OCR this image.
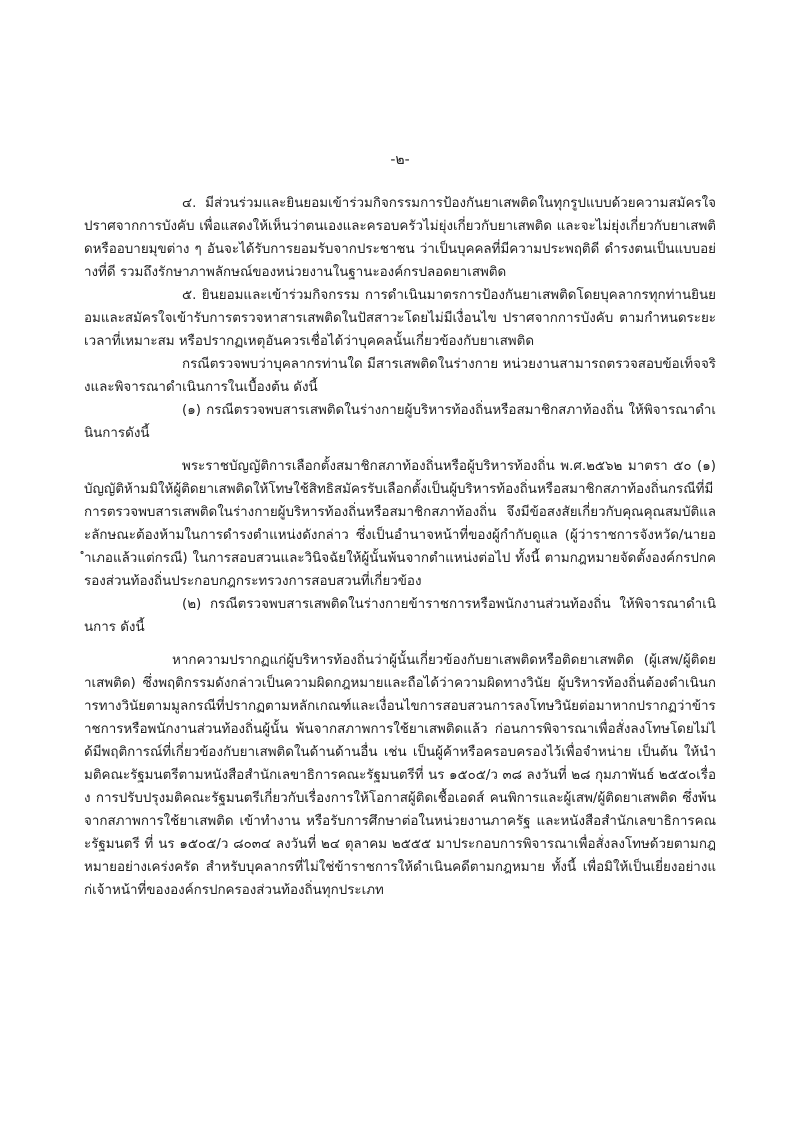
-๒-

๔. มีส่วนร่วมและยินยอมเข้าร่วมกิจกรรมการป้องกันยาเสพติดในทุกรูปแบบด้วยความสมัครใจ ปราศจากการบังคับ เพื่อแสดงให้เห็นว่าตนเองและครอบครัวไม่ยุ่งเกี่ยวกับยาเสพติด และจะไม่ยุ่งเกี่ยวกับยาเสพติดหรืออบายมุขต่าง ๆ อันจะได้รับการยอมรับจากประชาชน ว่าเป็นบุคคลที่มีความประพฤติดี ดำรงตนเป็นแบบอย่างที่ดี รวมถึงรักษาภาพลักษณ์ของหน่วยงานในฐานะองค์กรปลอดยาเสพติด

๕. ยินยอมและเข้าร่วมกิจกรรม การดำเนินมาตรการป้องกันยาเสพติดโดยบุคลากรทุกท่านยินยอมและสมัครใจเข้ารับการตรวจหาสารเสพติดในปัสสาวะโดยไม่มีเงื่อนไข ปราศจากการบังคับ ตามกำหนดระยะเวลาที่เหมาะสม หรือปรากฏเหตุอันควรเชื่อได้ว่าบุคคลนั้นเกี่ยวข้องกับยาเสพติด

กรณีตรวจพบว่าบุคลากรท่านใด มีสารเสพติดในร่างกาย หน่วยงานสามารถตรวจสอบข้อเท็จจริงและพิจารณาดำเนินการในเบื้องต้น ดังนี้

(๑) กรณีตรวจพบสารเสพติดในร่างกายผู้บริหารท้องถิ่นหรือสมาชิกสภาท้องถิ่น ให้พิจารณาดำเนินการดังนี้

พระราชบัญญัติการเลือกตั้งสมาชิกสภาท้องถิ่นหรือผู้บริหารท้องถิ่น พ.ศ.๒๕๖๒ มาตรา ๕๐ (๑) บัญญัติห้ามมิให้ผู้ติดยาเสพติดให้โทษใช้สิทธิสมัครรับเลือกตั้งเป็นผู้บริหารท้องถิ่นหรือสมาชิกสภาท้องถิ่นกรณีที่มีการตรวจพบสารเสพติดในร่างกายผู้บริหารท้องถิ่นหรือสมาชิกสภาท้องถิ่น จึงมีข้อสงสัยเกี่ยวกับคุณคุณสมบัติและลักษณะต้องห้ามในการดำรงตำแหน่งดังกล่าว ซึ่งเป็นอำนาจหน้าที่ของผู้กำกับดูแล (ผู้ว่าราชการจังหวัด/นายอำเภอแล้วแต่กรณี) ในการสอบสวนและวินิจฉัยให้ผู้นั้นพ้นจากตำแหน่งต่อไป ทั้งนี้ ตามกฎหมายจัดตั้งองค์กรปกครองส่วนท้องถิ่นประกอบกฎกระทรวงการสอบสวนที่เกี่ยวข้อง

(๒) กรณีตรวจพบสารเสพติดในร่างกายข้าราชการหรือพนักงานส่วนท้องถิ่น ให้พิจารณาดำเนินการ ดังนี้

หากความปรากฏแก่ผู้บริหารท้องถิ่นว่าผู้นั้นเกี่ยวข้องกับยาเสพติดหรือติดยาเสพติด (ผู้เสพ/ผู้ติดยาเสพติด) ซึ่งพฤติกรรมดังกล่าวเป็นความผิดกฎหมายและถือได้ว่าความผิดทางวินัย ผู้บริหารท้องถิ่นต้องดำเนินการทางวินัยตามมูลกรณีที่ปรากฏตามหลักเกณฑ์และเงื่อนไขการสอบสวนการลงโทษวินัยต่อมาหากปรากฏว่าข้าราชการหรือพนักงานส่วนท้องถิ่นผู้นั้น พ้นจากสภาพการใช้ยาเสพติดแล้ว ก่อนการพิจารณาเพื่อสั่งลงโทษโดยไม่ได้มีพฤติการณ์ที่เกี่ยวข้องกับยาเสพติดในด้านด้านอื่น เช่น เป็นผู้ค้าหรือครอบครองไว้เพื่อจำหน่าย เป็นต้น ให้นำมติคณะรัฐมนตรีตามหนังสือสำนักเลขาธิการคณะรัฐมนตรีที่ นร ๑๕๐๕/ว ๓๘ ลงวันที่ ๒๘ กุมภาพันธ์ ๒๕๕๐เรื่อง การปรับปรุงมติคณะรัฐมนตรีเกี่ยวกับเรื่องการให้โอกาสผู้ติดเชื้อเอดส์ คนพิการและผู้เสพ/ผู้ติดยาเสพติด ซึ่งพ้นจากสภาพการใช้ยาเสพติด เข้าทำงาน หรือรับการศึกษาต่อในหน่วยงานภาครัฐ และหนังสือสำนักเลขาธิการคณะรัฐมนตรี ที่ นร ๑๕๐๕/ว ๘๐๓๔ ลงวันที่ ๒๔ ตุลาคม ๒๕๕๕ มาประกอบการพิจารณาเพื่อสั่งลงโทษด้วยตามกฎหมายอย่างเคร่งครัด สำหรับบุคลากรที่ไม่ใช่ข้าราชการให้ดำเนินคดีตามกฎหมาย ทั้งนี้ เพื่อมิให้เป็นเยี่ยงอย่างแก่เจ้าหน้าที่ขององค์กรปกครองส่วนท้องถิ่นทุกประเภท
